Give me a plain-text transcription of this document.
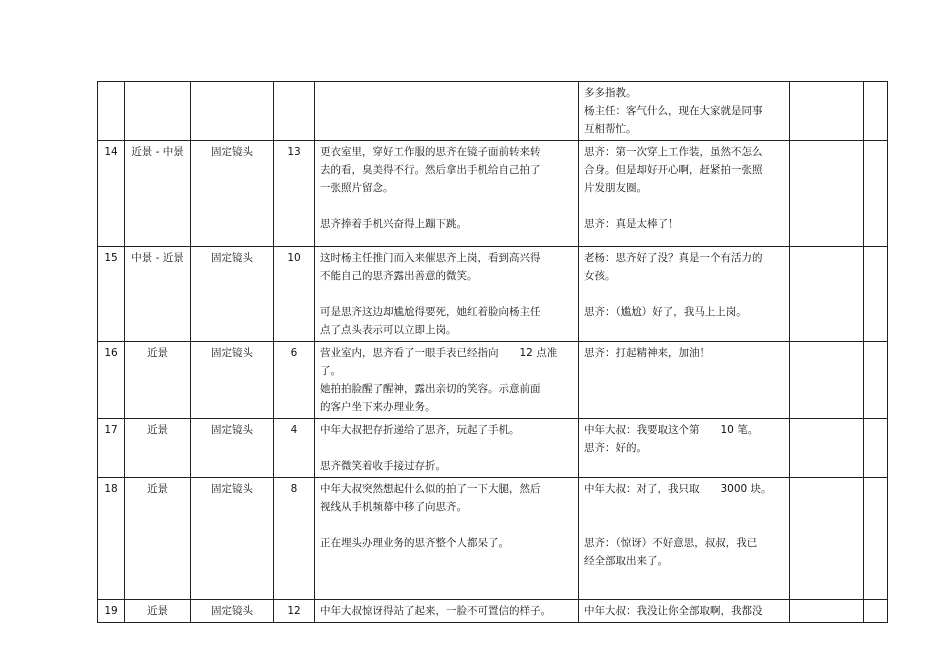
					多多指教。
杨主任：客气什么，现在大家就是同事
互相帮忙。		

14	近景 - 中景	固定镜头	13	更衣室里，穿好工作服的思齐在镜子面前转来转
去的看，臭美得不行。然后拿出手机给自己拍了
一张照片留念。
思齐捧着手机兴奋得上蹦下跳。	思齐：第一次穿上工作装，虽然不怎么
合身。但是却好开心啊，赶紧拍一张照
片发朋友圈。
思齐：真是太棒了！		

15	中景 - 近景	固定镜头	10	这时杨主任推门而入来催思齐上岗，看到高兴得
不能自己的思齐露出善意的微笑。
可是思齐这边却尴尬得要死，她红着脸向杨主任
点了点头表示可以立即上岗。	老杨：思齐好了没？真是一个有活力的
女孩。
思齐：（尴尬）好了，我马上上岗。		

16	近景	固定镜头	6	营业室内，思齐看了一眼手表已经指向　　12 点准了。
她拍拍脸醒了醒神，露出亲切的笑容。示意前面
的客户坐下来办理业务。	思齐：打起精神来，加油！		

17	近景	固定镜头	4	中年大叔把存折递给了思齐，玩起了手机。
思齐微笑着收手接过存折。	中年大叔：我要取这个第　　10 笔。
思齐：好的。		

18	近景	固定镜头	8	中年大叔突然想起什么似的拍了一下大腿，然后
视线从手机频幕中移了向思齐。
正在埋头办理业务的思齐整个人都呆了。	中年大叔：对了，我只取　　3000 块。
思齐：（惊讶）不好意思，叔叔，我已
经全部取出来了。		

19	近景	固定镜头	12	中年大叔惊讶得站了起来，一脸不可置信的样子。	中年大叔：我没让你全部取啊，我都没		
